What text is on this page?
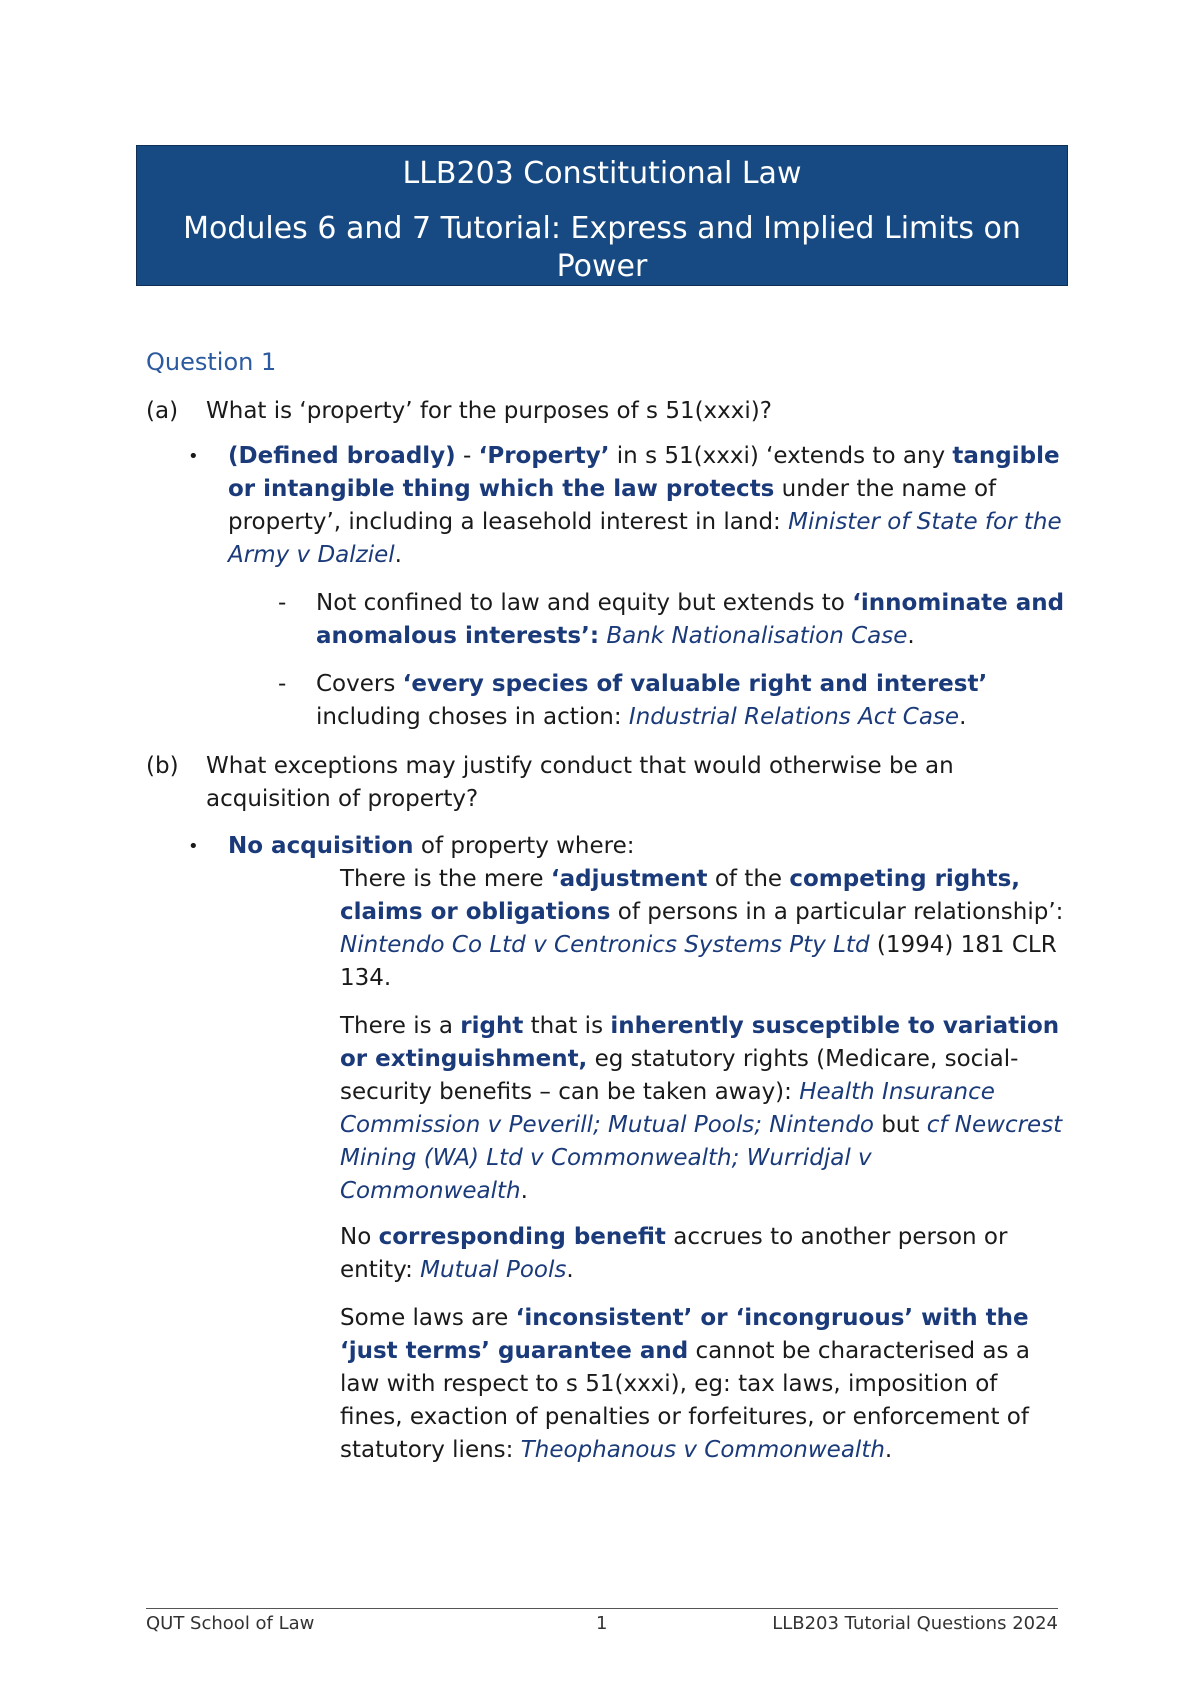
LLB203 Constitutional Law
Modules 6 and 7 Tutorial: Express and Implied Limits on Power
Question 1
(a) What is ‘property’ for the purposes of s 51(xxxi)?
• (Defined broadly) - ‘Property’ in s 51(xxxi) ‘extends to any tangible or intangible thing which the law protects under the name of property’, including a leasehold interest in land: Minister of State for the Army v Dalziel.
- Not confined to law and equity but extends to ‘innominate and anomalous interests’: Bank Nationalisation Case.
- Covers ‘every species of valuable right and interest’ including choses in action: Industrial Relations Act Case.
(b) What exceptions may justify conduct that would otherwise be an acquisition of property?
• No acquisition of property where:
There is the mere ‘adjustment of the competing rights, claims or obligations of persons in a particular relationship’: Nintendo Co Ltd v Centronics Systems Pty Ltd (1994) 181 CLR 134.
There is a right that is inherently susceptible to variation or extinguishment, eg statutory rights (Medicare, social-security benefits – can be taken away): Health Insurance Commission v Peverill; Mutual Pools; Nintendo but cf Newcrest Mining (WA) Ltd v Commonwealth; Wurridjal v Commonwealth.
No corresponding benefit accrues to another person or entity: Mutual Pools.
Some laws are ‘inconsistent’ or ‘incongruous’ with the ‘just terms’ guarantee and cannot be characterised as a law with respect to s 51(xxxi), eg: tax laws, imposition of fines, exaction of penalties or forfeitures, or enforcement of statutory liens: Theophanous v Commonwealth.
QUT School of Law	1	LLB203 Tutorial Questions 2024
